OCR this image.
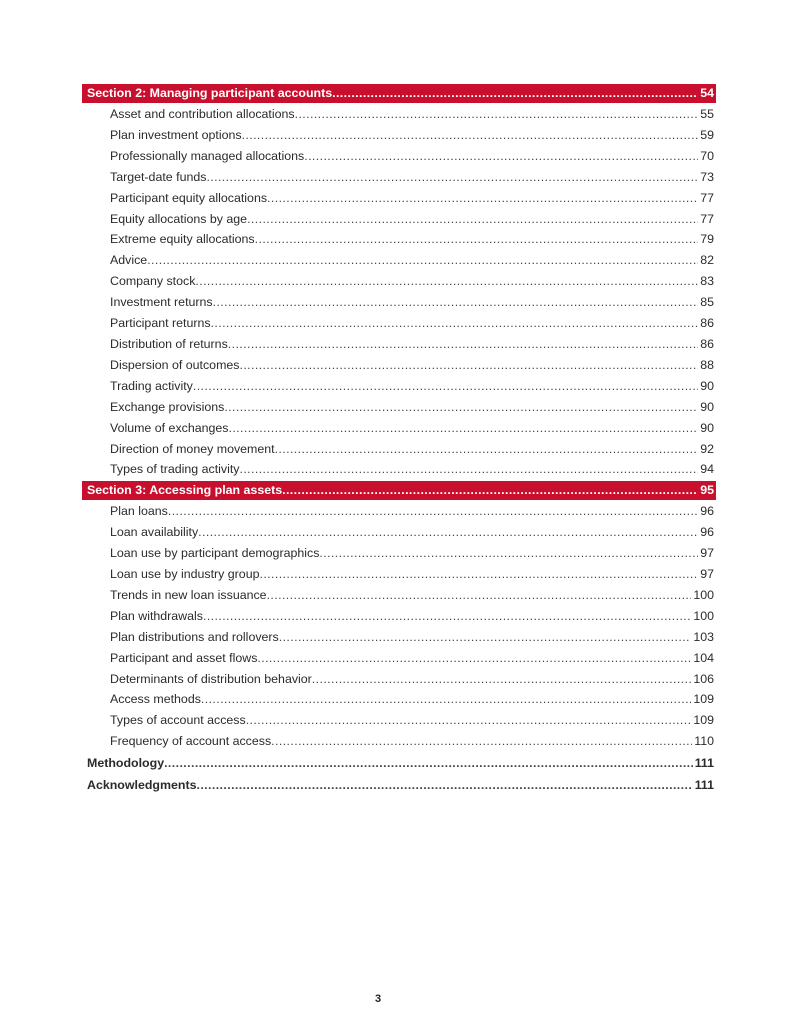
Section 2: Managing participant accounts .....	54
Asset and contribution allocations .....	55
Plan investment options .....	59
Professionally managed allocations .....	70
Target-date funds .....	73
Participant equity allocations .....	77
Equity allocations by age .....	77
Extreme equity allocations .....	79
Advice .....	82
Company stock .....	83
Investment returns .....	85
Participant returns .....	86
Distribution of returns .....	86
Dispersion of outcomes .....	88
Trading activity .....	90
Exchange provisions .....	90
Volume of exchanges .....	90
Direction of money movement .....	92
Types of trading activity .....	94
Section 3: Accessing plan assets .....	95
Plan loans .....	96
Loan availability .....	96
Loan use by participant demographics .....	97
Loan use by industry group .....	97
Trends in new loan issuance .....	100
Plan withdrawals .....	100
Plan distributions and rollovers .....	103
Participant and asset flows .....	104
Determinants of distribution behavior .....	106
Access methods .....	109
Types of account access .....	109
Frequency of account access .....	110
Methodology .....	111
Acknowledgments .....	111
3
